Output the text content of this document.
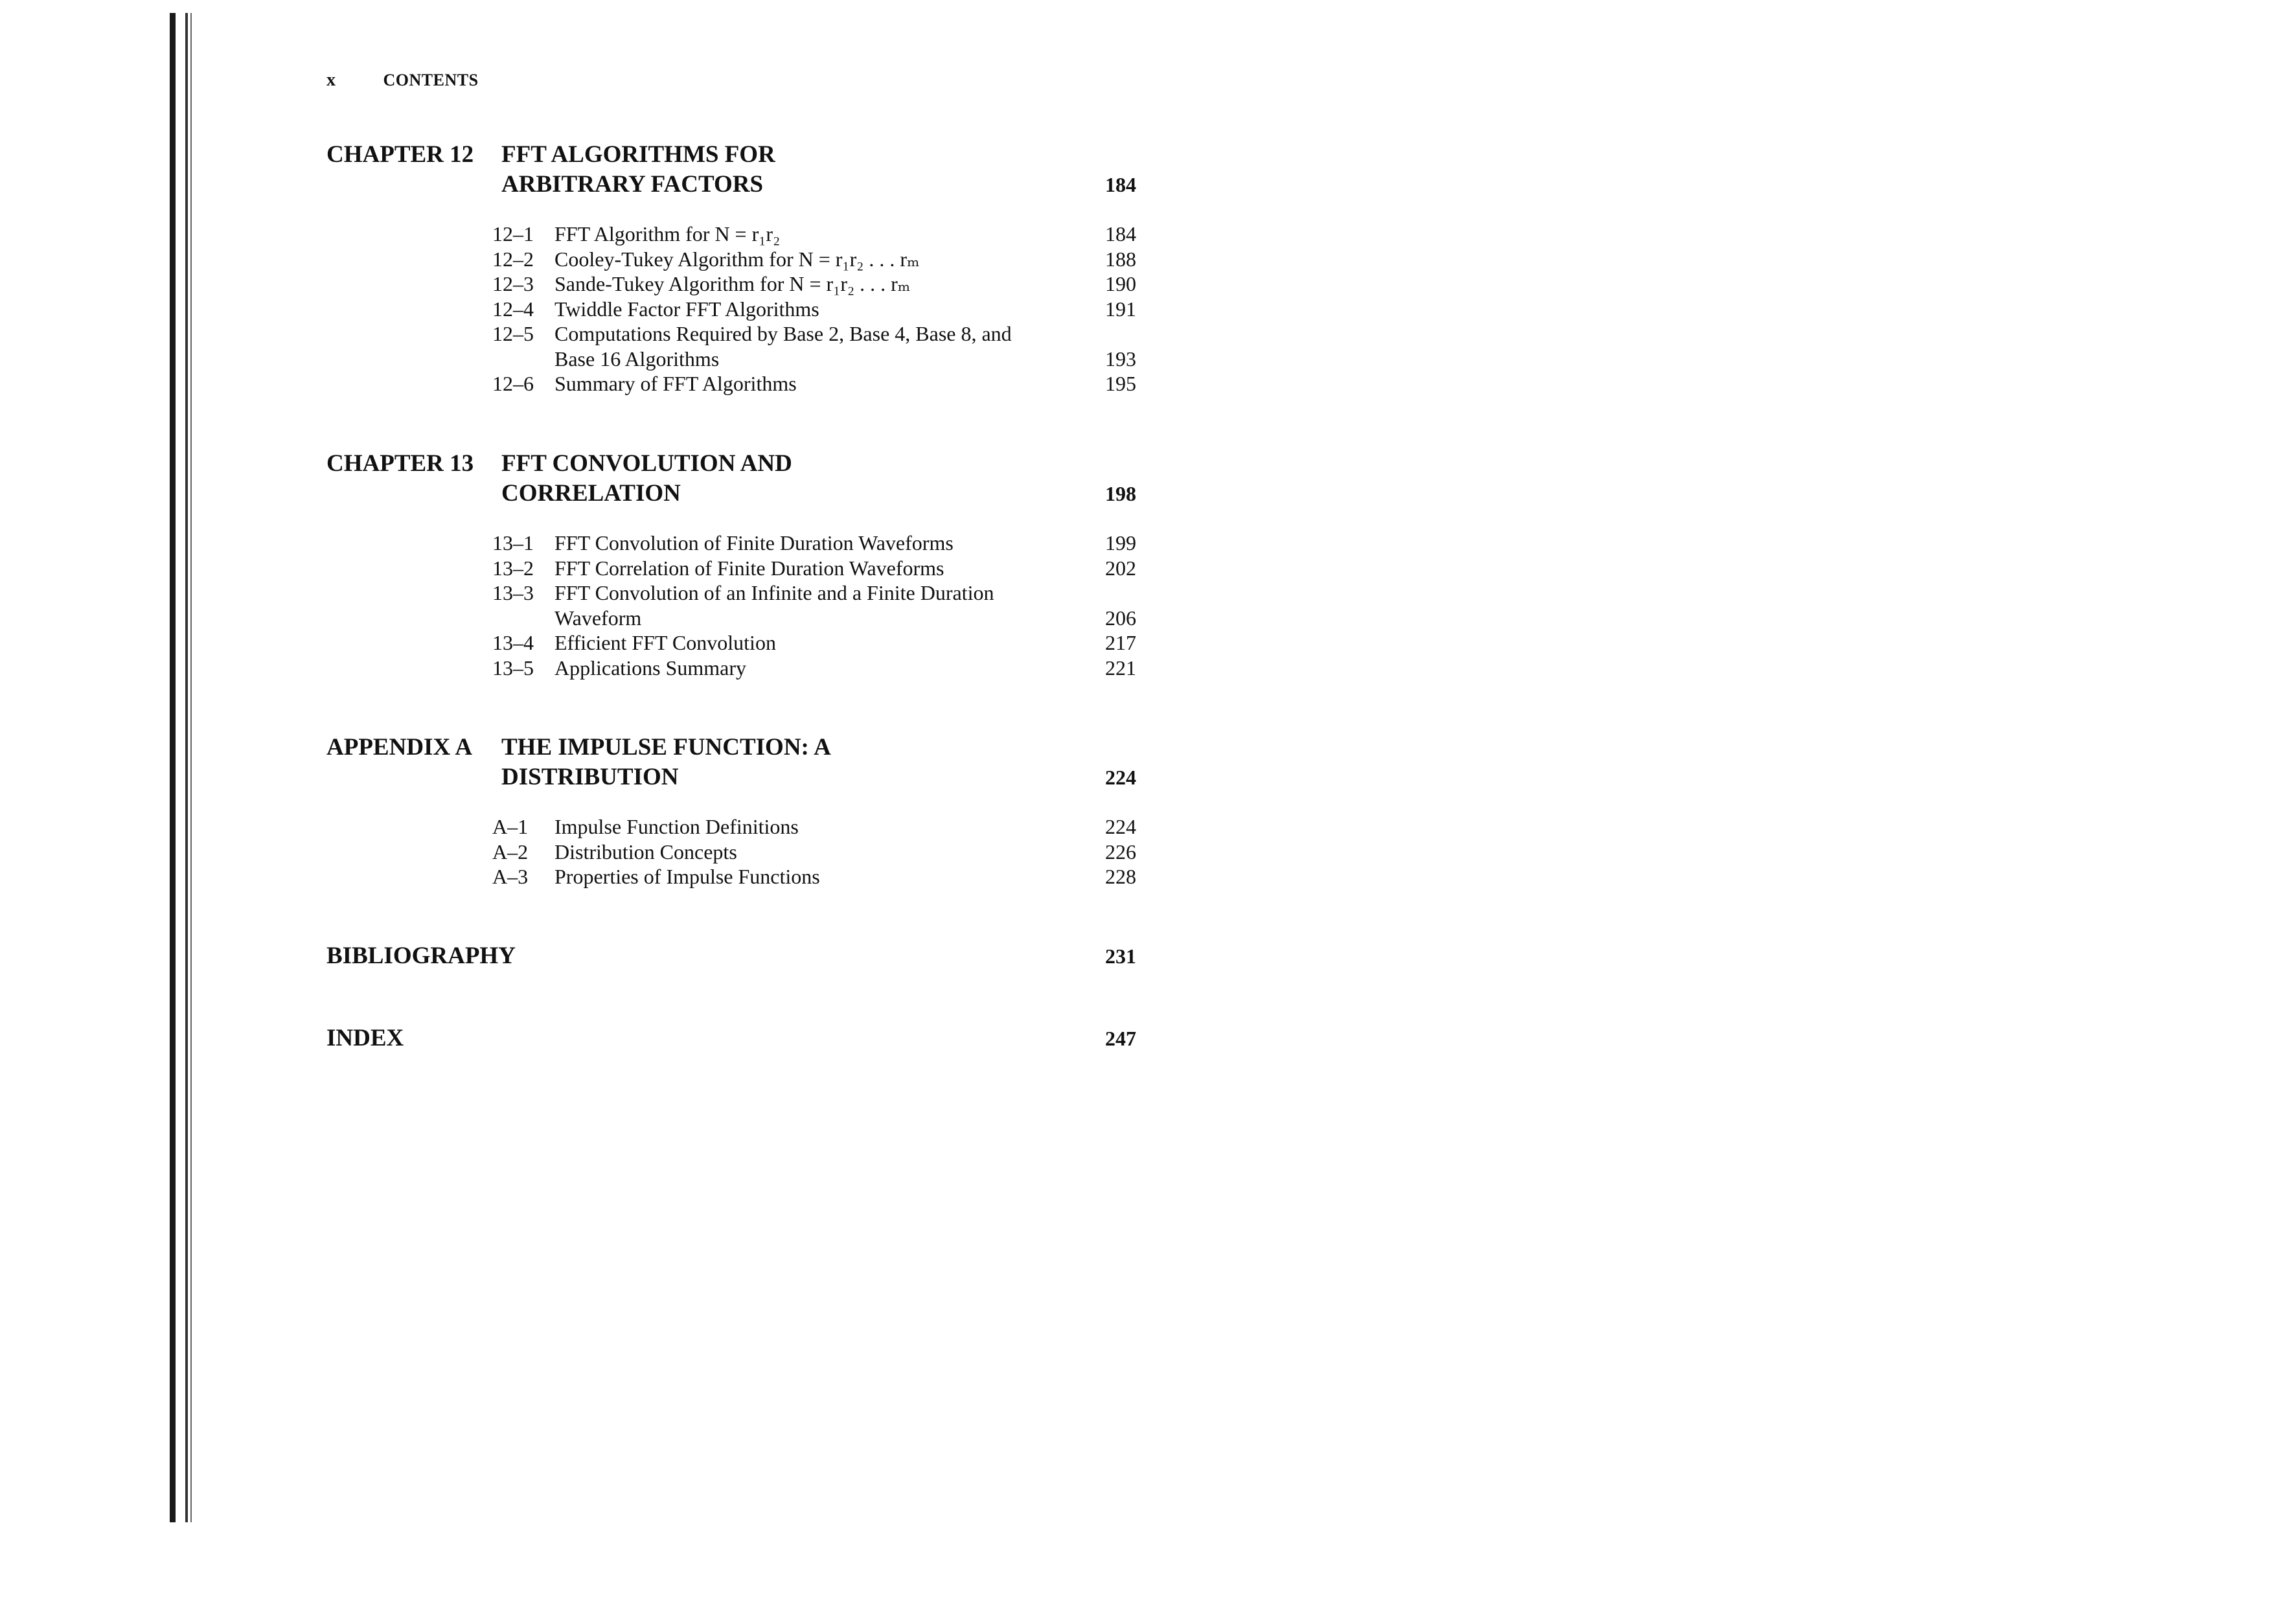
x	CONTENTS
CHAPTER 12 FFT ALGORITHMS FOR
ARBITRARY FACTORS	184
12–1	FFT Algorithm for N = r₁r₂	184
12–2	Cooley-Tukey Algorithm for N = r₁r₂ . . . rₘ	188
12–3	Sande-Tukey Algorithm for N = r₁r₂ . . . rₘ	190
12–4	Twiddle Factor FFT Algorithms	191
12–5	Computations Required by Base 2, Base 4, Base 8, and Base 16 Algorithms	193
12–6	Summary of FFT Algorithms	195
CHAPTER 13 FFT CONVOLUTION AND
CORRELATION	198
13–1	FFT Convolution of Finite Duration Waveforms	199
13–2	FFT Correlation of Finite Duration Waveforms	202
13–3	FFT Convolution of an Infinite and a Finite Duration Waveform	206
13–4	Efficient FFT Convolution	217
13–5	Applications Summary	221
APPENDIX A THE IMPULSE FUNCTION: A
DISTRIBUTION	224
A–1	Impulse Function Definitions	224
A–2	Distribution Concepts	226
A–3	Properties of Impulse Functions	228
BIBLIOGRAPHY	231
INDEX	247
